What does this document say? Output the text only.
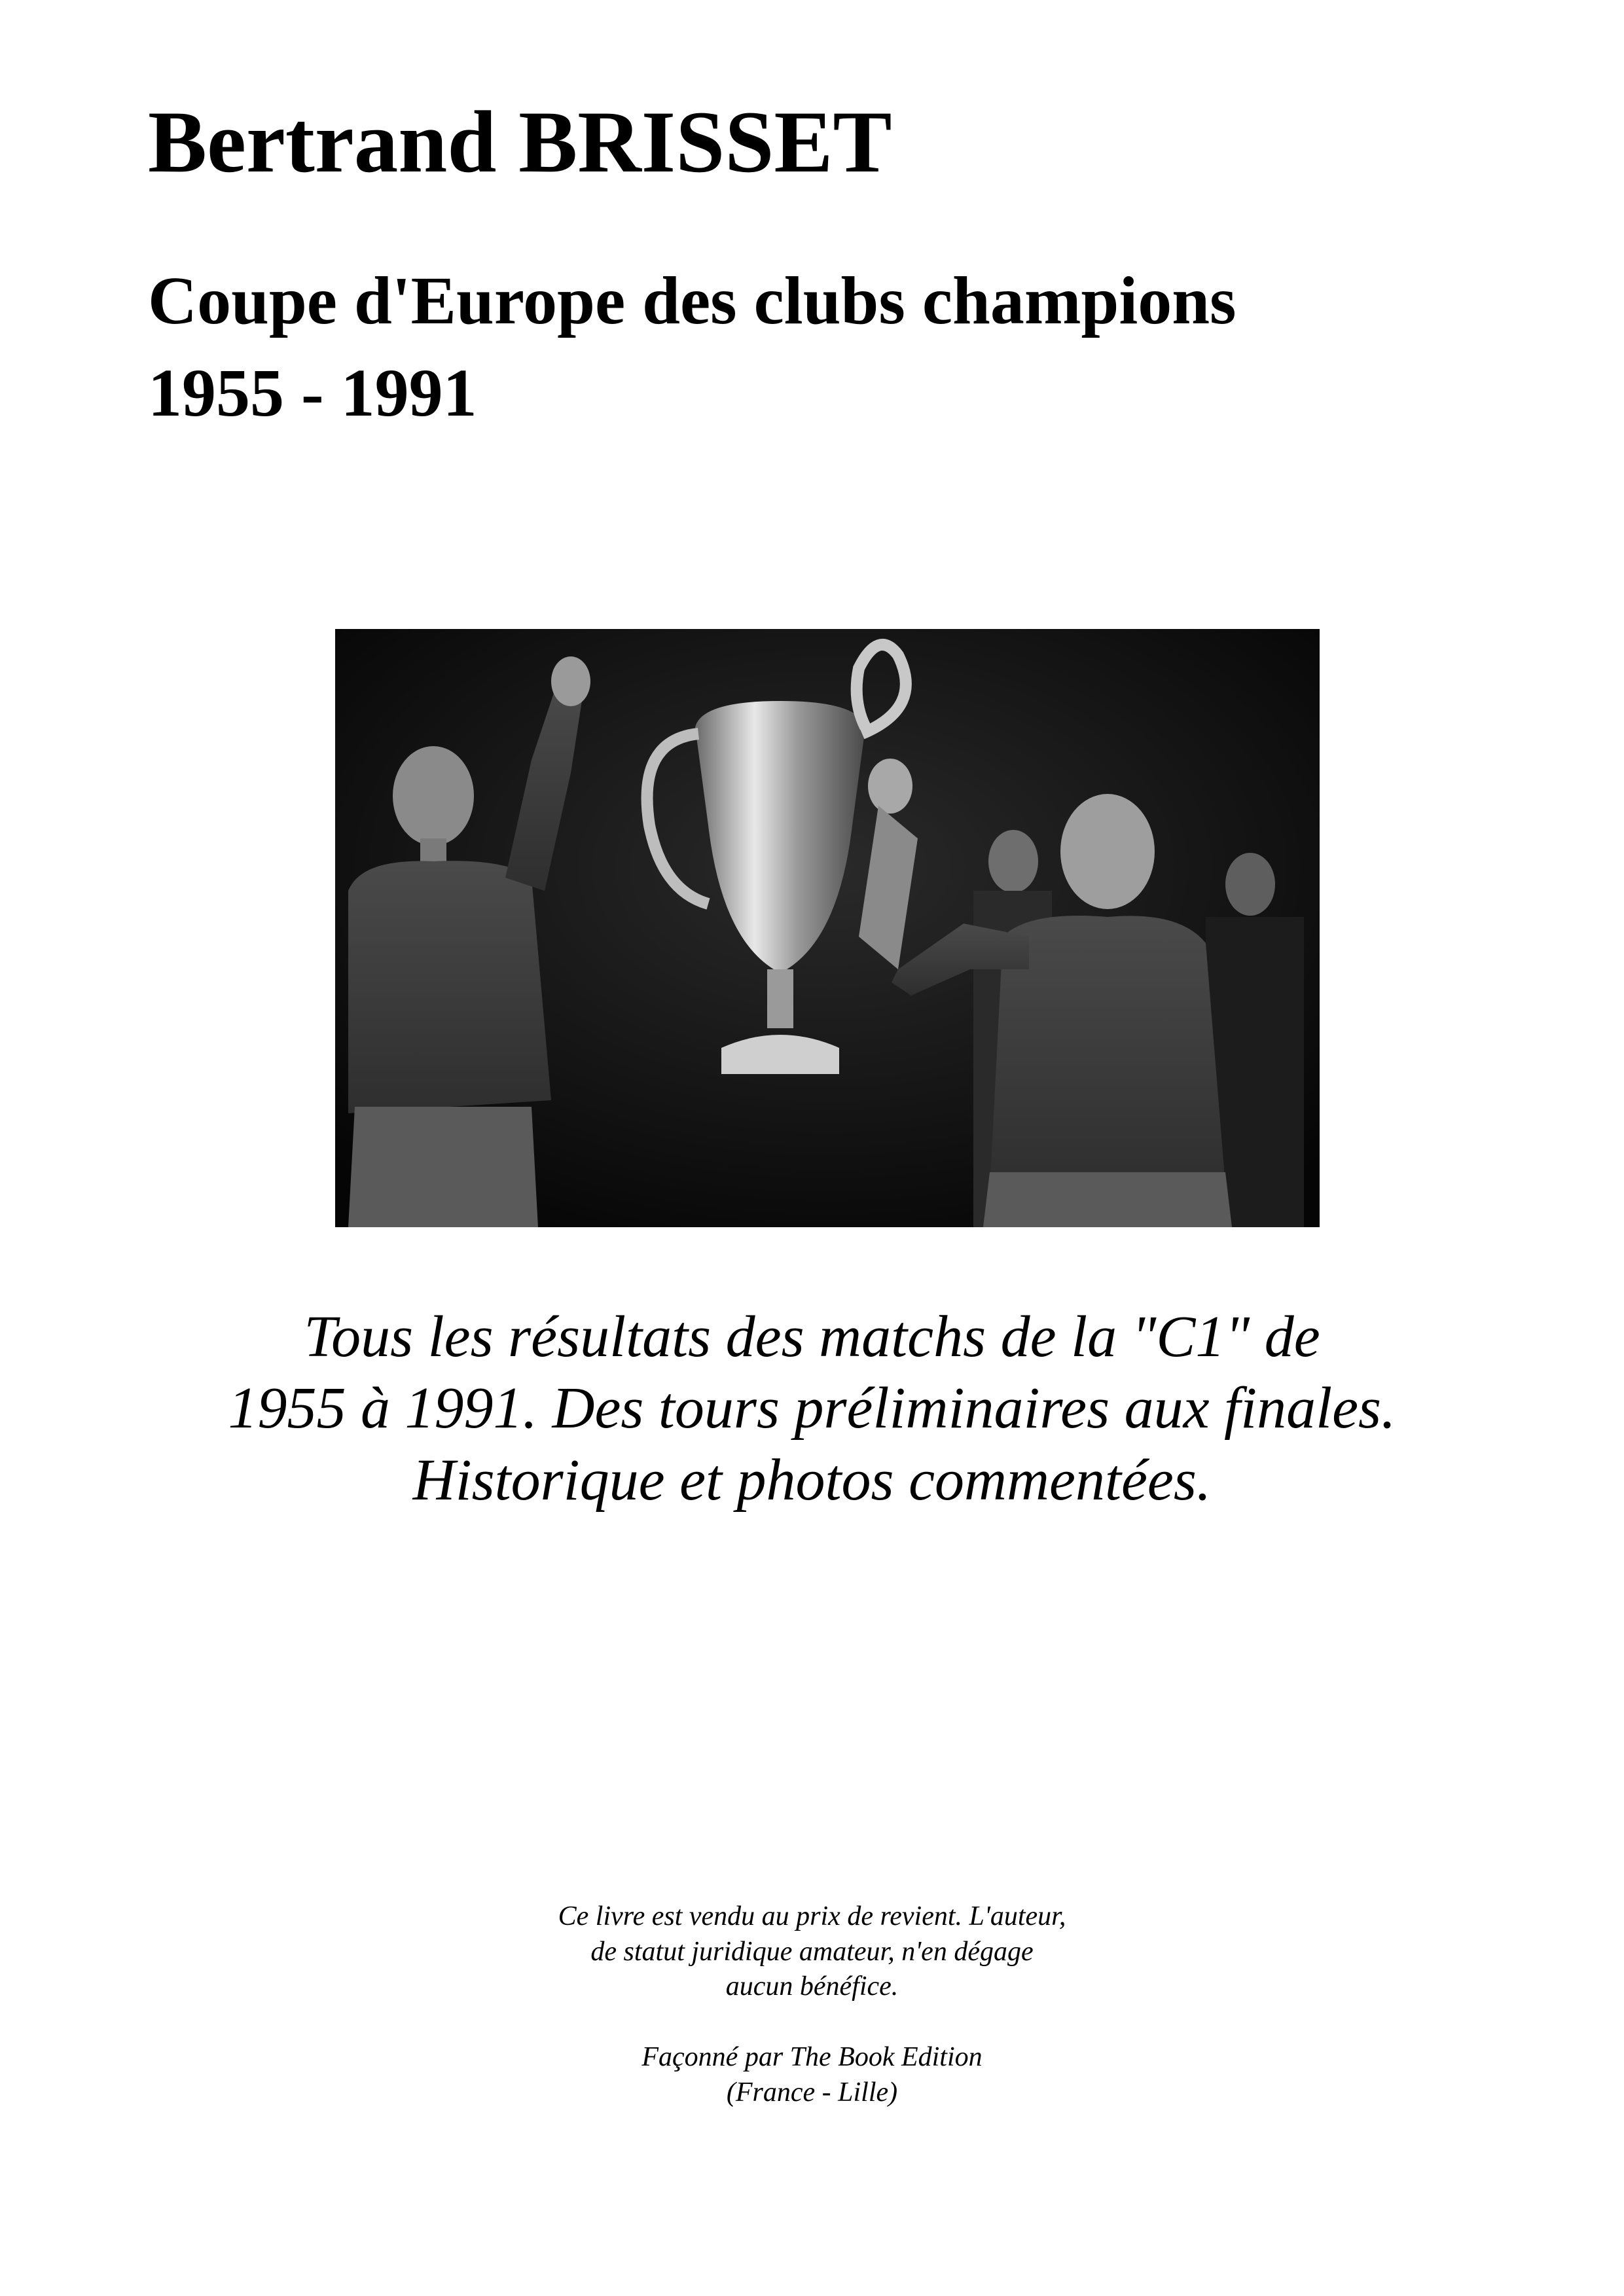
Bertrand BRISSET
Coupe d'Europe des clubs champions
1955 - 1991

Tous les résultats des matchs de la "C1" de

1955 à 1991. Des tours préliminaires aux finales.

Historique et photos commentées.

Ce livre est vendu au prix de revient. L'auteur,

de statut juridique amateur, n'en dégage

aucun bénéfice.

Façonné par The Book Edition

(France - Lille)
